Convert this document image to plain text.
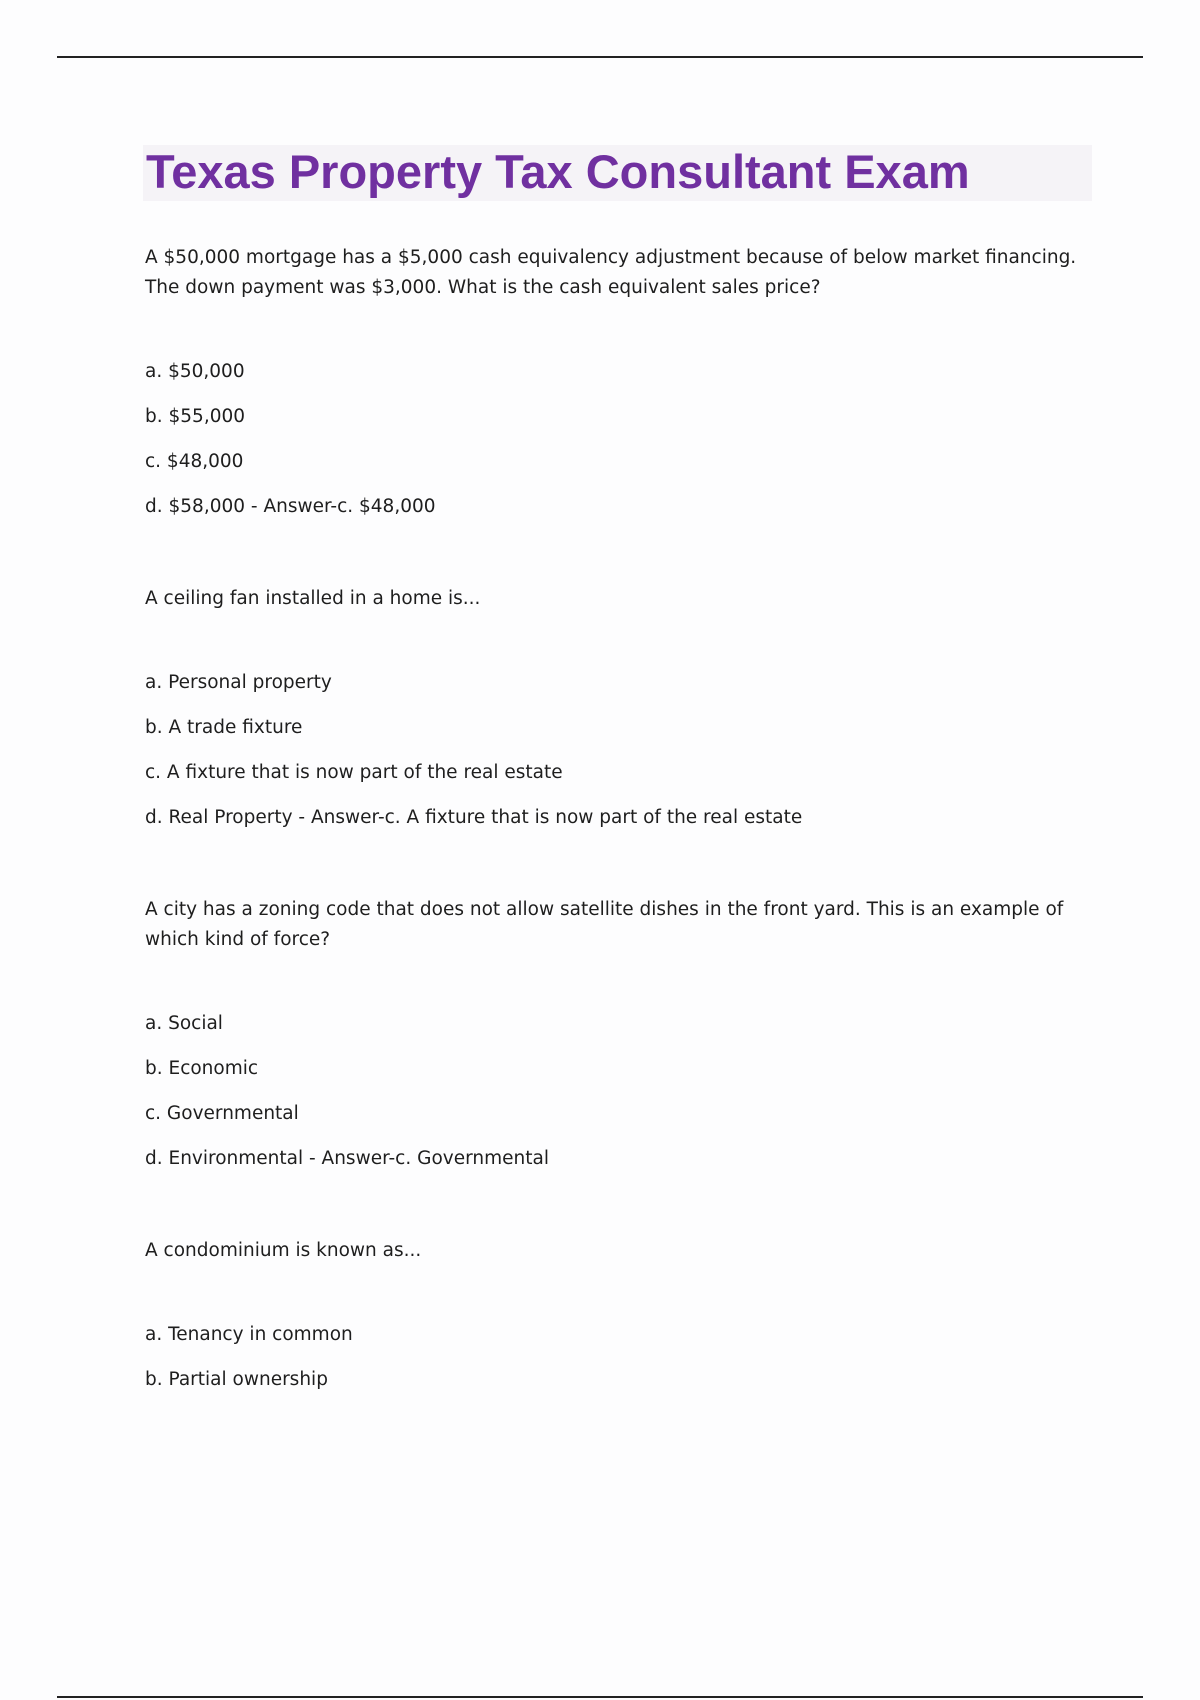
Texas Property Tax Consultant Exam

A $50,000 mortgage has a $5,000 cash equivalency adjustment because of below market financing. The down payment was $3,000. What is the cash equivalent sales price?

a. $50,000
b. $55,000
c. $48,000
d. $58,000 - Answer-c. $48,000

A ceiling fan installed in a home is...

a. Personal property
b. A trade fixture
c. A fixture that is now part of the real estate
d. Real Property - Answer-c. A fixture that is now part of the real estate

A city has a zoning code that does not allow satellite dishes in the front yard. This is an example of which kind of force?

a. Social
b. Economic
c. Governmental
d. Environmental - Answer-c. Governmental

A condominium is known as...

a. Tenancy in common
b. Partial ownership
